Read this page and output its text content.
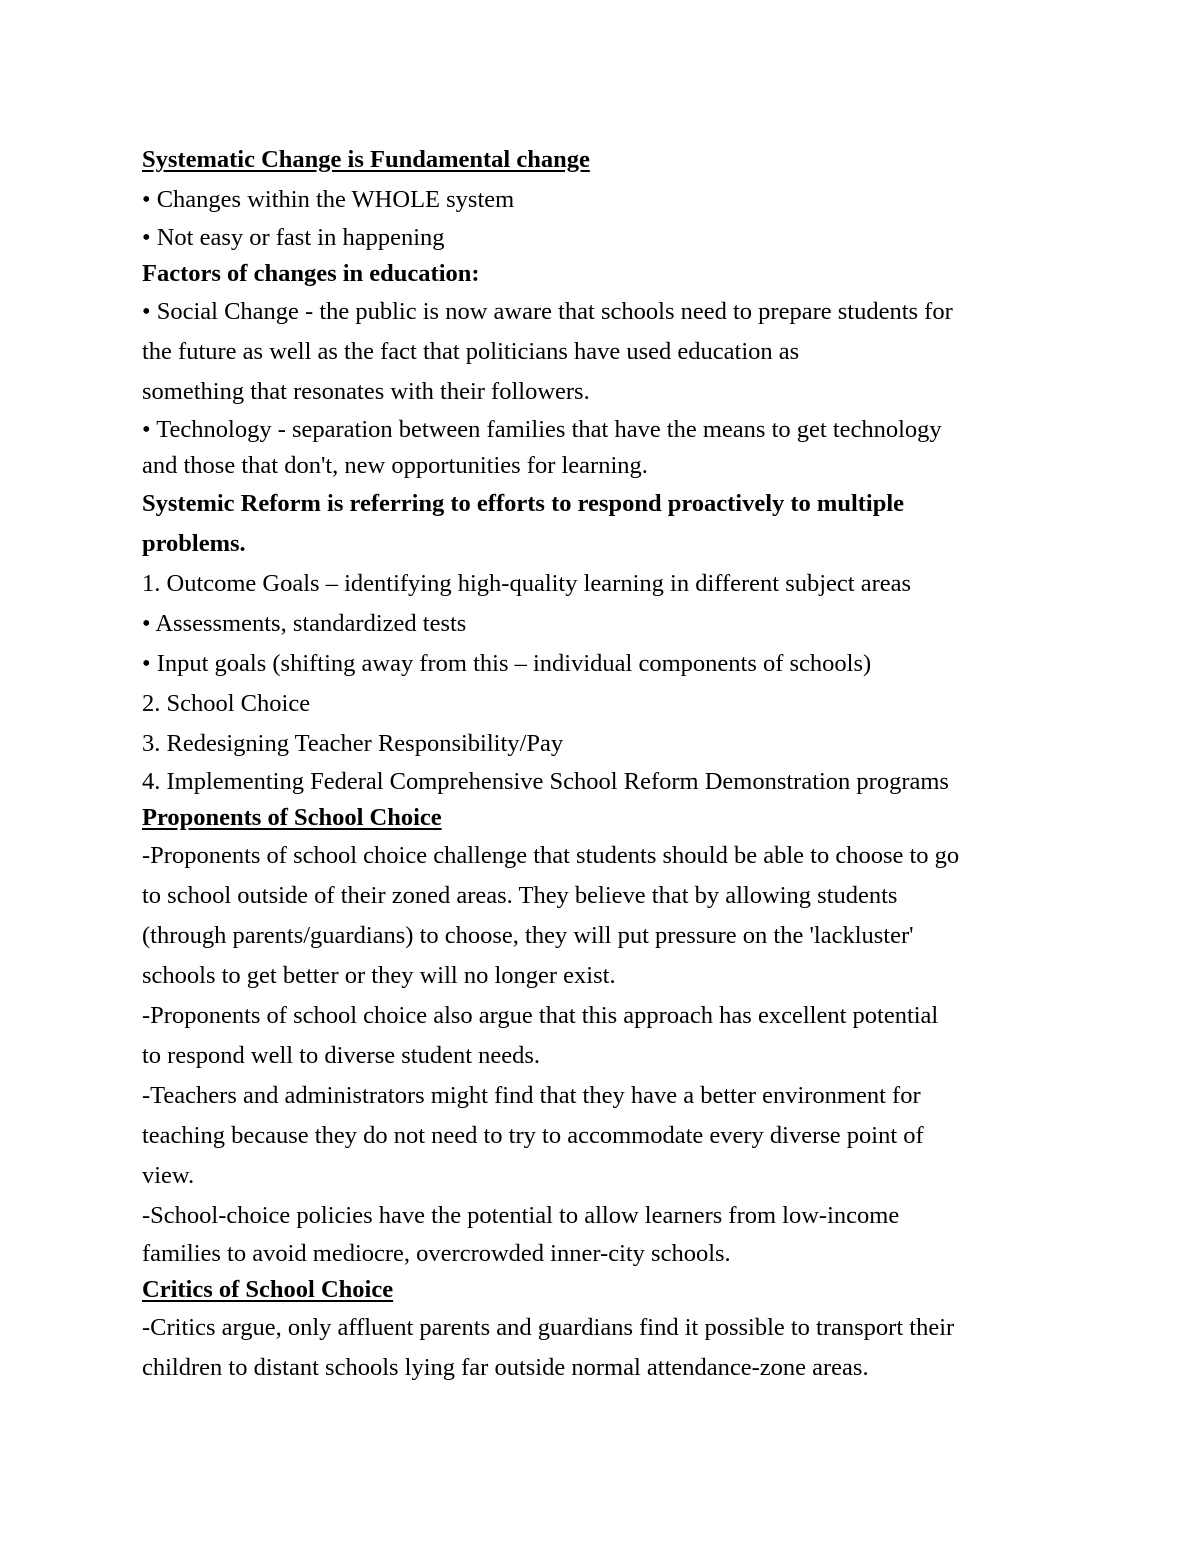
Systematic Change is Fundamental change
• Changes within the WHOLE system
• Not easy or fast in happening
Factors of changes in education:
• Social Change - the public is now aware that schools need to prepare students for
the future as well as the fact that politicians have used education as
something that resonates with their followers.
• Technology - separation between families that have the means to get technology
and those that don't, new opportunities for learning.
Systemic Reform is referring to efforts to respond proactively to multiple
problems.
1. Outcome Goals – identifying high-quality learning in different subject areas
• Assessments, standardized tests
• Input goals (shifting away from this – individual components of schools)
2. School Choice
3. Redesigning Teacher Responsibility/Pay
4. Implementing Federal Comprehensive School Reform Demonstration programs
Proponents of School Choice
-Proponents of school choice challenge that students should be able to choose to go
to school outside of their zoned areas. They believe that by allowing students
(through parents/guardians) to choose, they will put pressure on the 'lackluster'
schools to get better or they will no longer exist.
-Proponents of school choice also argue that this approach has excellent potential
to respond well to diverse student needs.
-Teachers and administrators might find that they have a better environment for
teaching because they do not need to try to accommodate every diverse point of
view.
-School-choice policies have the potential to allow learners from low-income
families to avoid mediocre, overcrowded inner-city schools.
Critics of School Choice
-Critics argue, only affluent parents and guardians find it possible to transport their
children to distant schools lying far outside normal attendance-zone areas.
